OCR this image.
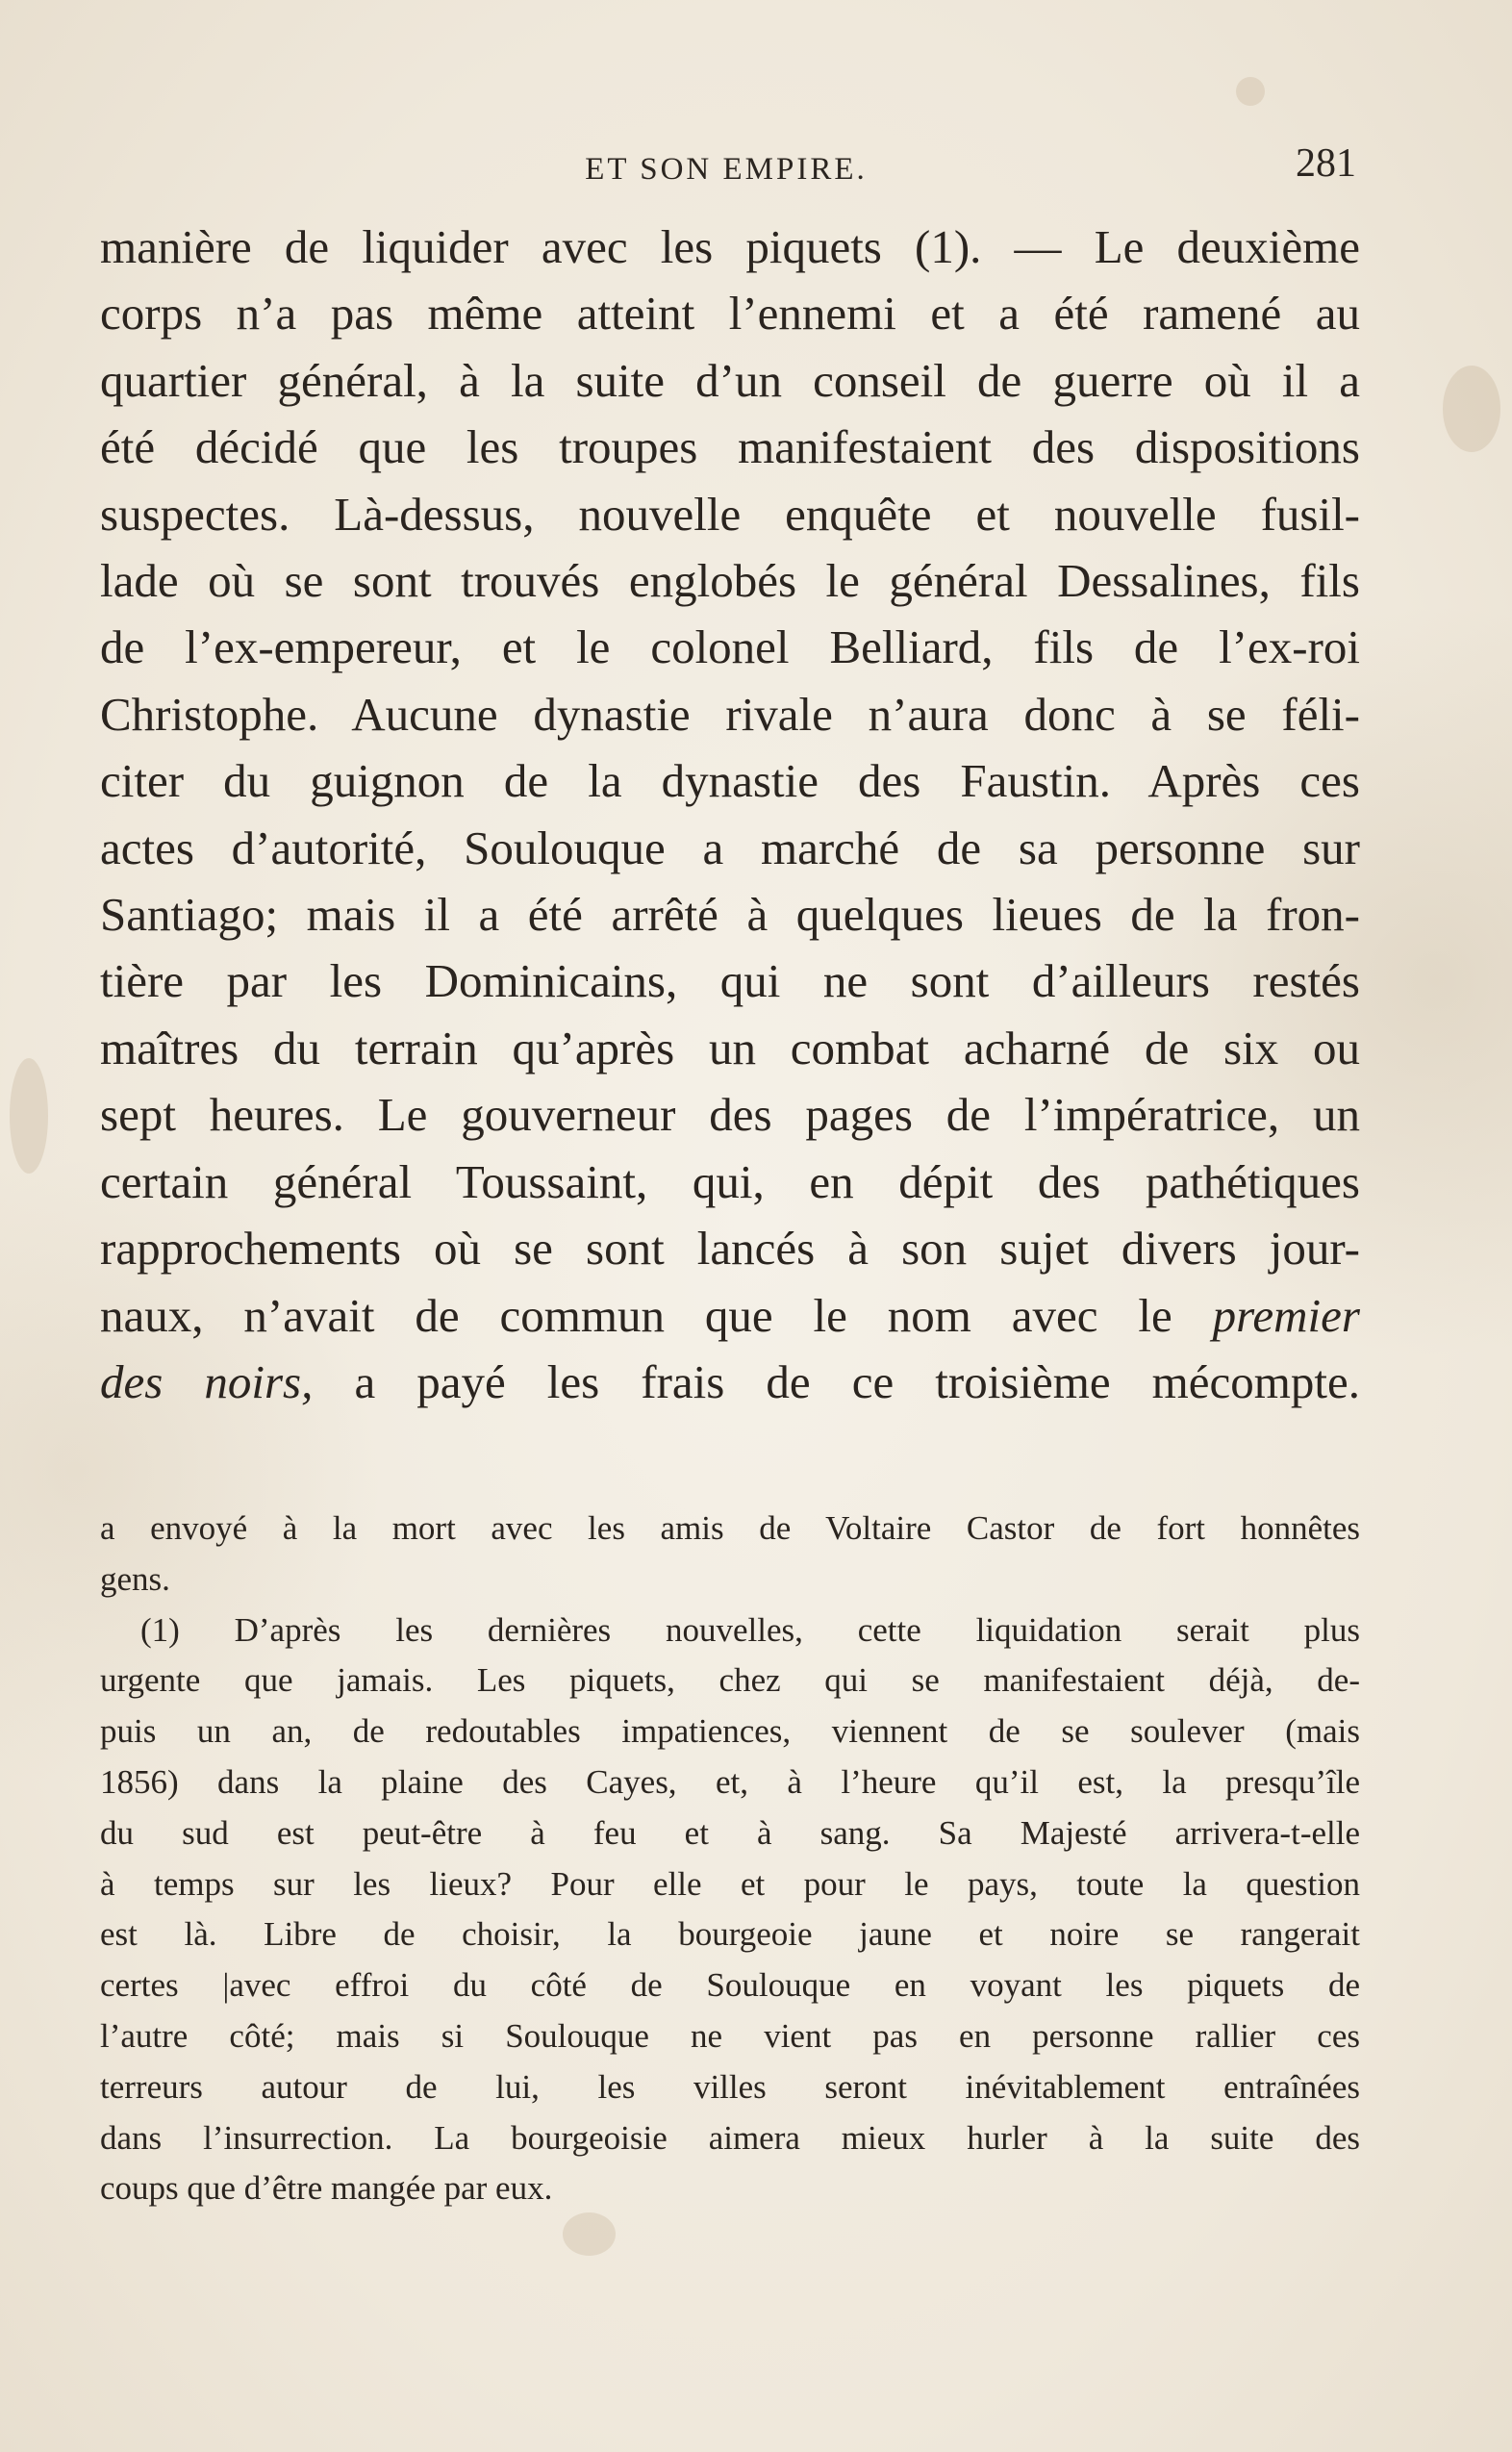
ET SON EMPIRE.	281
manière de liquider avec les piquets (1). — Le deuxième
corps n’a pas même atteint l’ennemi et a été ramené au
quartier général, à la suite d’un conseil de guerre où il a
été décidé que les troupes manifestaient des dispositions
suspectes. Là-dessus, nouvelle enquête et nouvelle fusil-
lade où se sont trouvés englobés le général Dessalines, fils
de l’ex-empereur, et le colonel Belliard, fils de l’ex-roi
Christophe. Aucune dynastie rivale n’aura donc à se féli-
citer du guignon de la dynastie des Faustin. Après ces
actes d’autorité, Soulouque a marché de sa personne sur
Santiago; mais il a été arrêté à quelques lieues de la fron-
tière par les Dominicains, qui ne sont d’ailleurs restés
maîtres du terrain qu’après un combat acharné de six ou
sept heures. Le gouverneur des pages de l’impératrice, un
certain général Toussaint, qui, en dépit des pathétiques
rapprochements où se sont lancés à son sujet divers jour-
naux, n’avait de commun que le nom avec le premier
des noirs, a payé les frais de ce troisième mécompte.
a envoyé à la mort avec les amis de Voltaire Castor de fort honnêtes
gens.
(1) D’après les dernières nouvelles, cette liquidation serait plus
urgente que jamais. Les piquets, chez qui se manifestaient déjà, de-
puis un an, de redoutables impatiences, viennent de se soulever (mais
1856) dans la plaine des Cayes, et, à l’heure qu’il est, la presqu’île
du sud est peut-être à feu et à sang. Sa Majesté arrivera-t-elle
à temps sur les lieux? Pour elle et pour le pays, toute la question
est là. Libre de choisir, la bourgeoie jaune et noire se rangerait
certes |avec effroi du côté de Soulouque en voyant les piquets de
l’autre côté; mais si Soulouque ne vient pas en personne rallier ces
terreurs autour de lui, les villes seront inévitablement entraînées
dans l’insurrection. La bourgeoisie aimera mieux hurler à la suite des
coups que d’être mangée par eux.
